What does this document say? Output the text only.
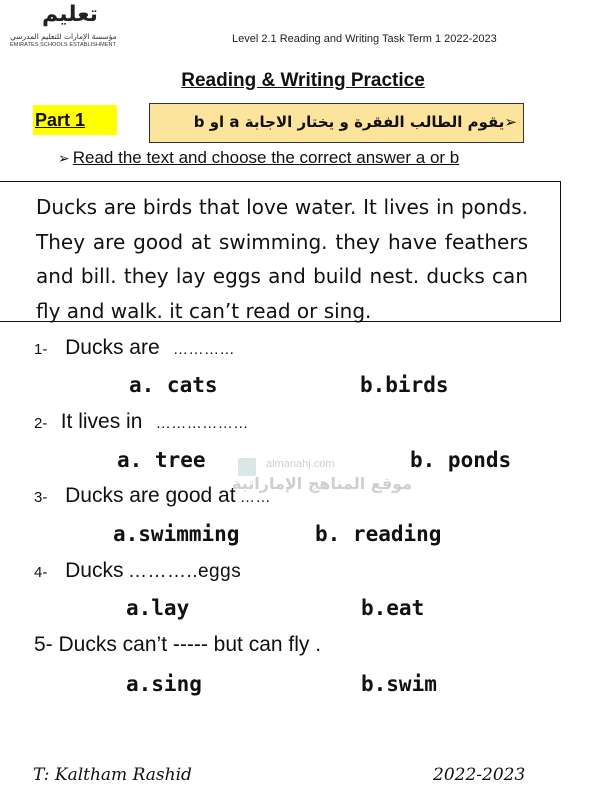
تعليم
مؤسسة الإمارات للتعليم المدرسي
EMIRATES SCHOOLS ESTABLISHMENT	Level 2.1 Reading and Writing Task Term 1 2022-2023
Reading & Writing Practice
Part 1	➢يقوم الطالب الفقرة و يختار الاجابة a او b
➢ Read the text and choose the correct answer a or b
Ducks are birds that love water. It lives in ponds. They are good at swimming. they have feathers and bill. they lay eggs and build nest. ducks can fly and walk. it can’t read or sing.
1- Ducks are …………
a. cats	b.birds
2- It lives in ………………
a. tree	b. ponds
almanahj.com
موقع المناهج الإماراتية
3- Ducks are good at ……
a.swimming	b. reading
4- Ducks ………..eggs
a.lay	b.eat
5- Ducks can’t ----- but can fly .
a.sing	b.swim
T: Kaltham Rashid	2022-2023
